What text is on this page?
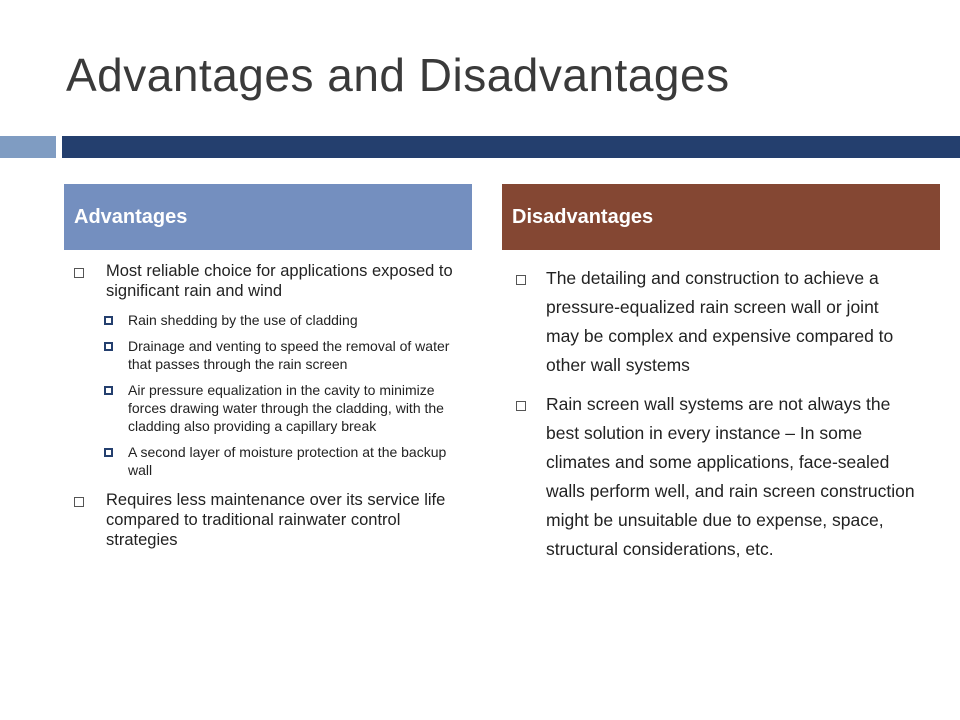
Advantages and Disadvantages
Advantages	Disadvantages
Most reliable choice for applications exposed to significant rain and wind
Rain shedding by the use of cladding
Drainage and venting to speed the removal of water that passes through the rain screen
Air pressure equalization in the cavity to minimize forces drawing water through the cladding, with the cladding also providing a capillary break
A second layer of moisture protection at the backup wall
Requires less maintenance over its service life compared to traditional rainwater control strategies
The detailing and construction to achieve a pressure-equalized rain screen wall or joint may be complex and expensive compared to other wall systems
Rain screen wall systems are not always the best solution in every instance – In some climates and some applications, face-sealed walls perform well, and rain screen construction might be unsuitable due to expense, space, structural considerations, etc.
